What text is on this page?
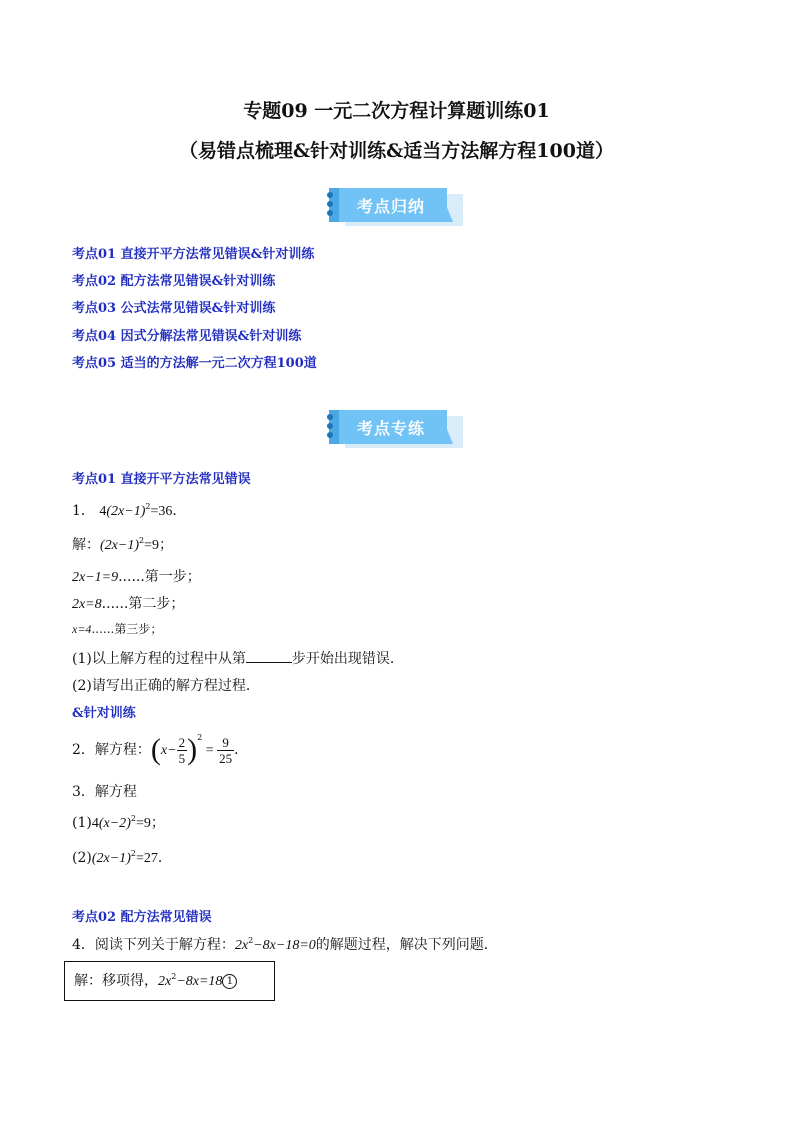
专题09 一元二次方程计算题训练01
（易错点梳理&针对训练&适当方法解方程100道）
考点归纳
考点01 直接开平方法常见错误&针对训练
考点02 配方法常见错误&针对训练
考点03 公式法常见错误&针对训练
考点04 因式分解法常见错误&针对训练
考点05 适当的方法解一元二次方程100道
考点专练
考点01 直接开平方法常见错误
1． $4(2x-1)^2=36$．
解：$(2x-1)^2=9$；
2x−1=9......第一步；
2x=8......第二步；
x=4......第三步；
(1)以上解方程的过程中从第	步开始出现错误．
(2)请写出正确的解方程过程．
&针对训练
2．解方程：$(x- \frac{2}{5} )^2 = \frac{9}{25}$ ．
3．解方程
$(1)4(x-2)^2=9$；
$(2)(2x-1)^2=27$．
考点02 配方法常见错误
4．阅读下列关于解方程：$2x^2-8x-18=0$的解题过程，解决下列问题．
解：移项得，$2x^2-8x=18$ 1
